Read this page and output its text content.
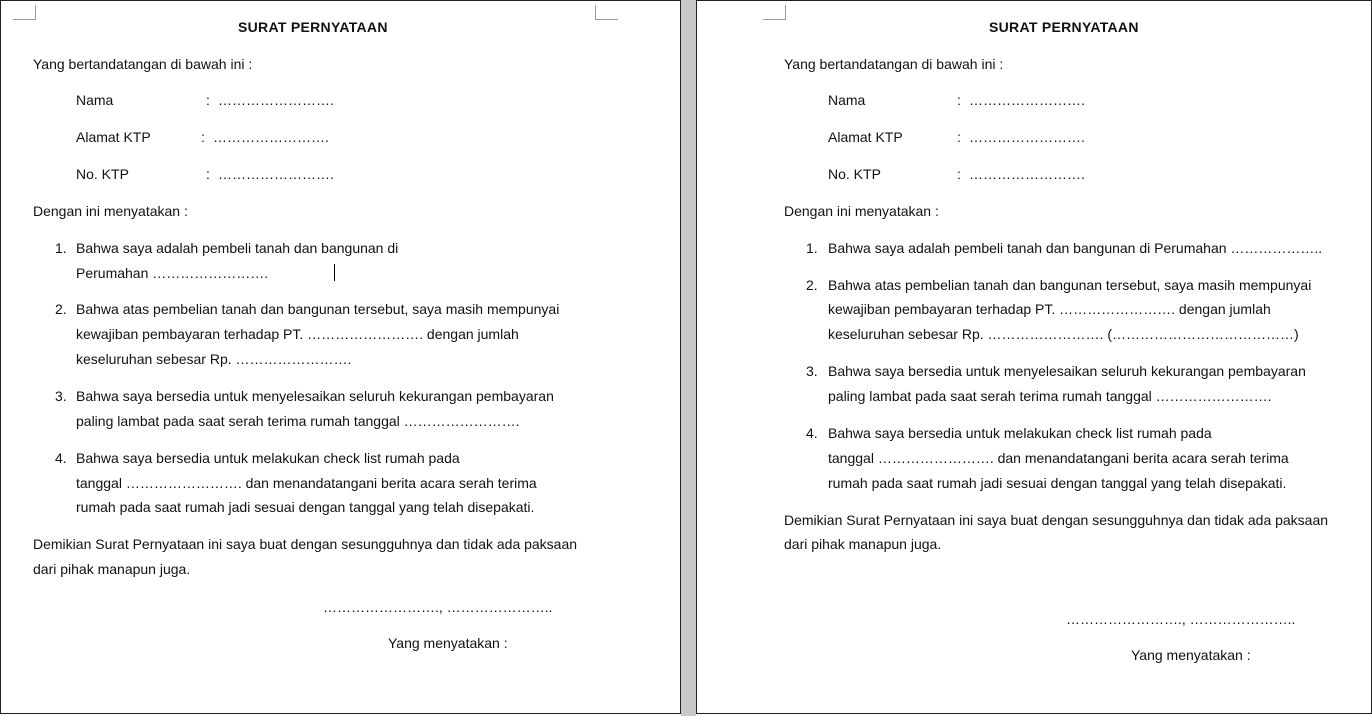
SURAT PERNYATAAN
Yang bertandatangan di bawah ini :
Nama	: …………………….
Alamat KTP	: …………………….
No. KTP	: …………………….
Dengan ini menyatakan :
1. Bahwa saya adalah pembeli tanah dan bangunan di
Perumahan …………………….
2. Bahwa atas pembelian tanah dan bangunan tersebut, saya masih mempunyai
kewajiban pembayaran terhadap PT. ……………………. dengan jumlah
keseluruhan sebesar Rp. …………………….
3. Bahwa saya bersedia untuk menyelesaikan seluruh kekurangan pembayaran
paling lambat pada saat serah terima rumah tanggal …………………….
4. Bahwa saya bersedia untuk melakukan check list rumah pada
tanggal ……………………. dan menandatangani berita acara serah terima
rumah pada saat rumah jadi sesuai dengan tanggal yang telah disepakati.
Demikian Surat Pernyataan ini saya buat dengan sesungguhnya dan tidak ada paksaan
dari pihak manapun juga.
……………………., …………………..
Yang menyatakan :
SURAT PERNYATAAN
Yang bertandatangan di bawah ini :
Nama	: …………………….
Alamat KTP	: …………………….
No. KTP	: …………………….
Dengan ini menyatakan :
1. Bahwa saya adalah pembeli tanah dan bangunan di Perumahan ………………..
2. Bahwa atas pembelian tanah dan bangunan tersebut, saya masih mempunyai
kewajiban pembayaran terhadap PT. ……………………. dengan jumlah
keseluruhan sebesar Rp. ……………………. (…………………………………)
3. Bahwa saya bersedia untuk menyelesaikan seluruh kekurangan pembayaran
paling lambat pada saat serah terima rumah tanggal …………………….
4. Bahwa saya bersedia untuk melakukan check list rumah pada
tanggal ……………………. dan menandatangani berita acara serah terima
rumah pada saat rumah jadi sesuai dengan tanggal yang telah disepakati.
Demikian Surat Pernyataan ini saya buat dengan sesungguhnya dan tidak ada paksaan
dari pihak manapun juga.
……………………., …………………..
Yang menyatakan :
